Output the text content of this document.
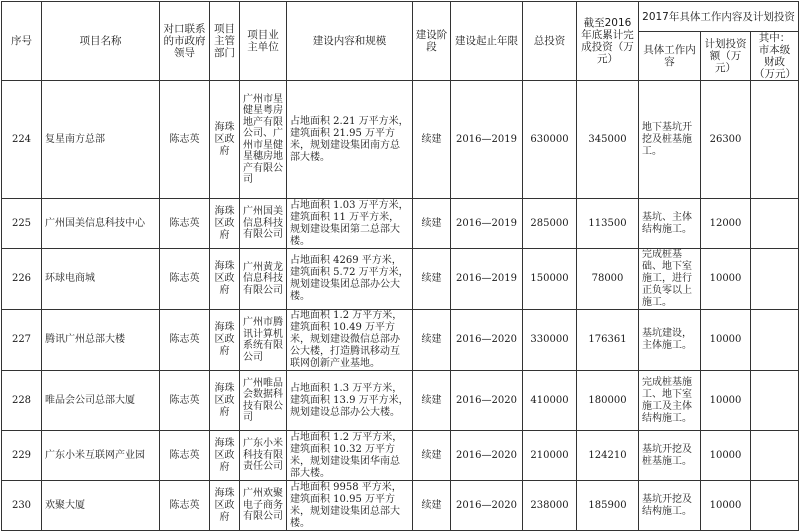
序号	项目名称	对口联系的市政府领导	项目主管部门	项目业主单位	建设内容和规模	建设阶段	建设起止年限	总投资	截至2016年底累计完成投资（万元）	2017年具体工作内容及计划投资		
										具体工作内容	计划投资额（万元）	其中：市本级财政（万元）
224	复星南方总部	陈志英	海珠区政府	广州市星健星粤房地产有限公司、广州市星健星穗房地产有限公司	占地面积 2.21 万平方米，建筑面积 21.95 万平方米，规划建设集团南方总部大楼。	续建	2016—2019	630000	345000	地下基坑开挖及桩基施工。	26300	
225	广州国美信息科技中心	陈志英	海珠区政府	广州国美信息科技有限公司	占地面积 1.03 万平方米，建筑面积 11 万平方米，规划建设集团第二总部大楼。	续建	2016—2019	285000	113500	基坑、主体结构施工。	12000	
226	环球电商城	陈志英	海珠区政府	广州黄龙信息科技有限公司	占地面积 4269 平方米，建筑面积 5.72 万平方米，规划建设集团总部办公大楼。	续建	2016—2019	150000	78000	完成桩基础、地下室施工，进行正负零以上施工。	10000	
227	腾讯广州总部大楼	陈志英	海珠区政府	广州市腾讯计算机系统有限公司	占地面积 1.2 万平方米，建筑面积 10.49 万平方米，规划建设微信总部办公大楼，打造腾讯移动互联网创新产业基地。	续建	2016—2020	330000	176361	基坑建设，主体施工。	10000	
228	唯品会公司总部大厦	陈志英	海珠区政府	广州唯品会数据科技有限公司	占地面积 1.3 万平方米，建筑面积 13.9 万平方米，规划建设总部办公大楼。	续建	2016—2020	410000	180000	完成桩基施工、地下室施工及主体结构施工。	10000	
229	广东小米互联网产业园	陈志英	海珠区政府	广东小米科技有限责任公司	占地面积 1.2 万平方米，建筑面积 10.32 万平方米，规划建设集团华南总部大楼。	续建	2016—2020	210000	124210	基坑开挖及桩基施工。	10000	
230	欢聚大厦	陈志英	海珠区政府	广州欢聚电子商务有限公司	占地面积 9958 平方米，建筑面积 10.95 万平方米，规划建设集团总部大楼。	续建	2016—2020	238000	185900	基坑开挖及结构施工。	10000	
